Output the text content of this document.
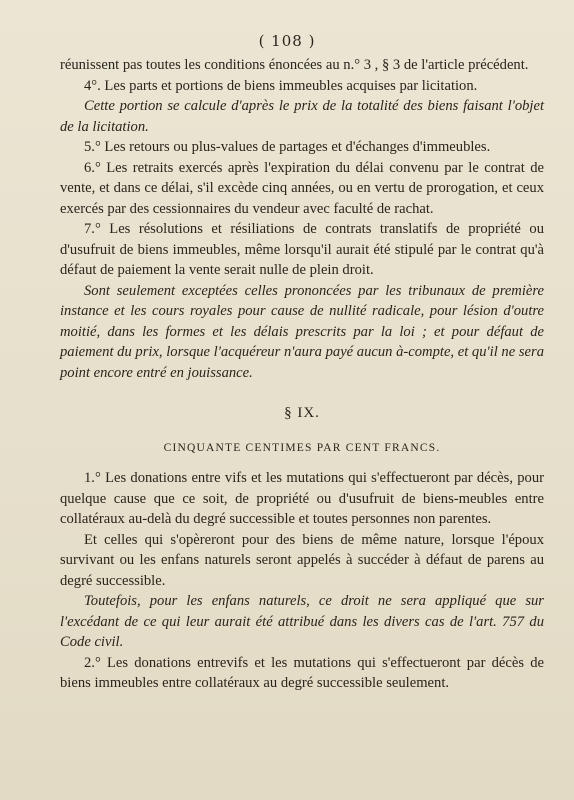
( 108 )

réunissent pas toutes les conditions énoncées au n.° 3 , § 3 de l'article précédent.

4°. Les parts et portions de biens immeubles acquises par licitation.

Cette portion se calcule d'après le prix de la totalité des biens faisant l'objet de la licitation.

5.° Les retours ou plus-values de partages et d'échanges d'immeubles.

6.° Les retraits exercés après l'expiration du délai convenu par le contrat de vente, et dans ce délai, s'il excède cinq années, ou en vertu de prorogation, et ceux exercés par des cessionnaires du vendeur avec faculté de rachat.

7.° Les résolutions et résiliations de contrats translatifs de propriété ou d'usufruit de biens immeubles, même lorsqu'il aurait été stipulé par le contrat qu'à défaut de paiement la vente serait nulle de plein droit.

Sont seulement exceptées celles prononcées par les tribunaux de première instance et les cours royales pour cause de nullité radicale, pour lésion d'outre moitié, dans les formes et les délais prescrits par la loi ; et pour défaut de paiement du prix, lorsque l'acquéreur n'aura payé aucun à-compte, et qu'il ne sera point encore entré en jouissance.

§ IX.
CINQUANTE CENTIMES PAR CENT FRANCS.

1.° Les donations entre vifs et les mutations qui s'effectueront par décès, pour quelque cause que ce soit, de propriété ou d'usufruit de biens-meubles entre collatéraux au-delà du degré successible et toutes personnes non parentes.

Et celles qui s'opèreront pour des biens de même nature, lorsque l'époux survivant ou les enfans naturels seront appelés à succéder à défaut de parens au degré successible.

Toutefois, pour les enfans naturels, ce droit ne sera appliqué que sur l'excédant de ce qui leur aurait été attribué dans les divers cas de l'art. 757 du Code civil.

2.° Les donations entrevifs et les mutations qui s'effectueront par décès de biens immeubles entre collatéraux au degré successible seulement.
